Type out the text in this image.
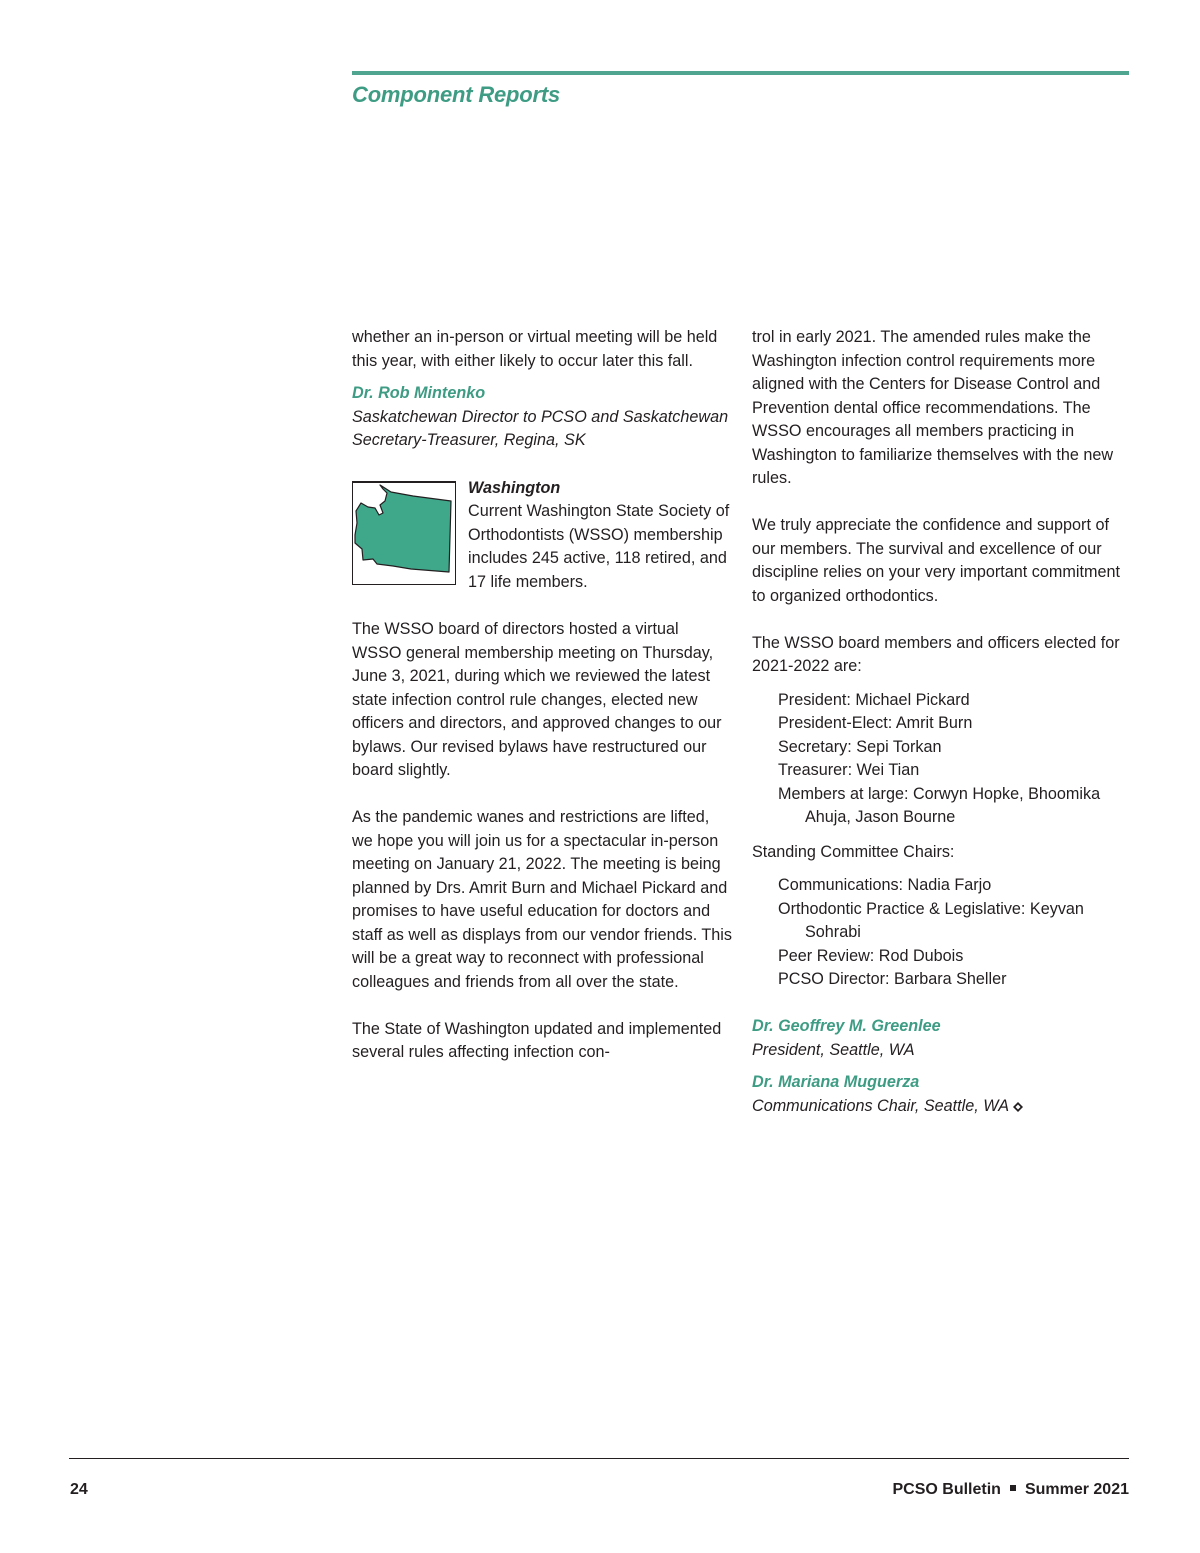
Component Reports

whether an in-person or virtual meeting will be held this year, with either likely to occur later this fall.

Dr. Rob Mintenko

Saskatchewan Director to PCSO and Saskatchewan Secretary-Treasurer, Regina, SK

Washington

Current Washington State Society of Orthodontists (WSSO) membership includes 245 active, 118 retired, and 17 life members.

The WSSO board of directors hosted a virtual WSSO general membership meeting on Thursday, June 3, 2021, during which we reviewed the latest state infection control rule changes, elected new officers and directors, and approved changes to our bylaws. Our revised bylaws have restructured our board slightly.

As the pandemic wanes and restrictions are lifted, we hope you will join us for a spectacular in-person meeting on January 21, 2022. The meeting is being planned by Drs. Amrit Burn and Michael Pickard and promises to have useful education for doctors and staff as well as displays from our vendor friends. This will be a great way to reconnect with professional colleagues and friends from all over the state.

The State of Washington updated and implemented several rules affecting infection con-

trol in early 2021. The amended rules make the Washington infection control requirements more aligned with the Centers for Disease Control and Prevention dental office recommendations. The WSSO encourages all members practicing in Washington to familiarize themselves with the new rules.

We truly appreciate the confidence and support of our members. The survival and excellence of our discipline relies on your very important commitment to organized orthodontics.

The WSSO board members and officers elected for 2021-2022 are:

President: Michael Pickard
President-Elect: Amrit Burn
Secretary: Sepi Torkan
Treasurer: Wei Tian
Members at large: Corwyn Hopke, Bhoomika Ahuja, Jason Bourne

Standing Committee Chairs:

Communications: Nadia Farjo
Orthodontic Practice & Legislative: Keyvan Sohrabi
Peer Review: Rod Dubois
PCSO Director: Barbara Sheller

Dr. Geoffrey M. Greenlee

President, Seattle, WA

Dr. Mariana Muguerza

Communications Chair, Seattle, WA

24	PCSO Bulletin Summer 2021
